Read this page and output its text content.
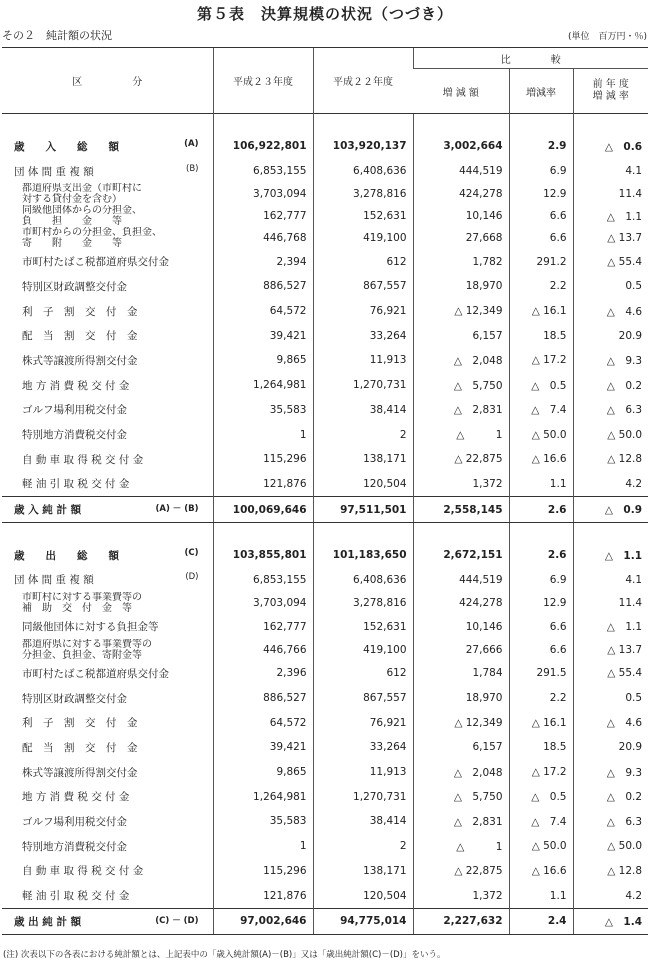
第５表　決算規模の状況（つづき）
その２　純計額の状況	(単位　百万円・％)
区　　　　　分	平成２３年度	平成２２年度	比　　　　較		
			増 減 額	増減率	前 年 度
増 減 率

(A)
歳　　入　　総　　額	106,922,801	103,920,137	3,002,664	2.9	△　0.6

(B)
団 体 間 重 複 額	6,853,155	6,408,636	444,519	6.9	4.1

都道府県支出金（市町村に
対する貸付金を含む）	3,703,094	3,278,816	424,278	12.9	11.4

同級他団体からの分担金、
負　　担　　金　　等	162,777	152,631	10,146	6.6	△　1.1

市町村からの分担金、負担金、
寄　　附　　金　　等	446,768	419,100	27,668	6.6	△ 13.7
市町村たばこ税都道府県交付金	2,394	612	1,782	291.2	△ 55.4
特別区財政調整交付金	886,527	867,557	18,970	2.2	0.5
利　子　割　交　付　金	64,572	76,921	△ 12,349	△ 16.1	△　4.6
配　当　割　交　付　金	39,421	33,264	6,157	18.5	20.9
株式等譲渡所得割交付金	9,865	11,913	△　2,048	△ 17.2	△　9.3
地 方 消 費 税 交 付 金	1,264,981	1,270,731	△　5,750	△　0.5	△　0.2
ゴルフ場利用税交付金	35,583	38,414	△　2,831	△　7.4	△　6.3
特別地方消費税交付金	1	2	△　　　1	△ 50.0	△ 50.0
自 動 車 取 得 税 交 付 金	115,296	138,171	△ 22,875	△ 16.6	△ 12.8
軽 油 引 取 税 交 付 金	121,876	120,504	1,372	1.1	4.2

(A) － (B)
歳 入 純 計 額	100,069,646	97,511,501	2,558,145	2.6	△　0.9

(C)
歳　　出　　総　　額	103,855,801	101,183,650	2,672,151	2.6	△　1.1

(D)
団 体 間 重 複 額	6,853,155	6,408,636	444,519	6.9	4.1

市町村に対する事業費等の
補　助　交　付　金　等	3,703,094	3,278,816	424,278	12.9	11.4
同級他団体に対する負担金等	162,777	152,631	10,146	6.6	△　1.1

都道府県に対する事業費等の
分担金、負担金、寄附金等	446,766	419,100	27,666	6.6	△ 13.7
市町村たばこ税都道府県交付金	2,396	612	1,784	291.5	△ 55.4
特別区財政調整交付金	886,527	867,557	18,970	2.2	0.5
利　子　割　交　付　金	64,572	76,921	△ 12,349	△ 16.1	△　4.6
配　当　割　交　付　金	39,421	33,264	6,157	18.5	20.9
株式等譲渡所得割交付金	9,865	11,913	△　2,048	△ 17.2	△　9.3
地 方 消 費 税 交 付 金	1,264,981	1,270,731	△　5,750	△　0.5	△　0.2
ゴルフ場利用税交付金	35,583	38,414	△　2,831	△　7.4	△　6.3
特別地方消費税交付金	1	2	△　　　1	△ 50.0	△ 50.0
自 動 車 取 得 税 交 付 金	115,296	138,171	△ 22,875	△ 16.6	△ 12.8
軽 油 引 取 税 交 付 金	121,876	120,504	1,372	1.1	4.2

(C) － (D)
歳 出 純 計 額	97,002,646	94,775,014	2,227,632	2.4	△　1.4
(注) 次表以下の各表における純計額とは、上記表中の「歳入純計額(A)－(B)」又は「歳出純計額(C)－(D)」をいう。
